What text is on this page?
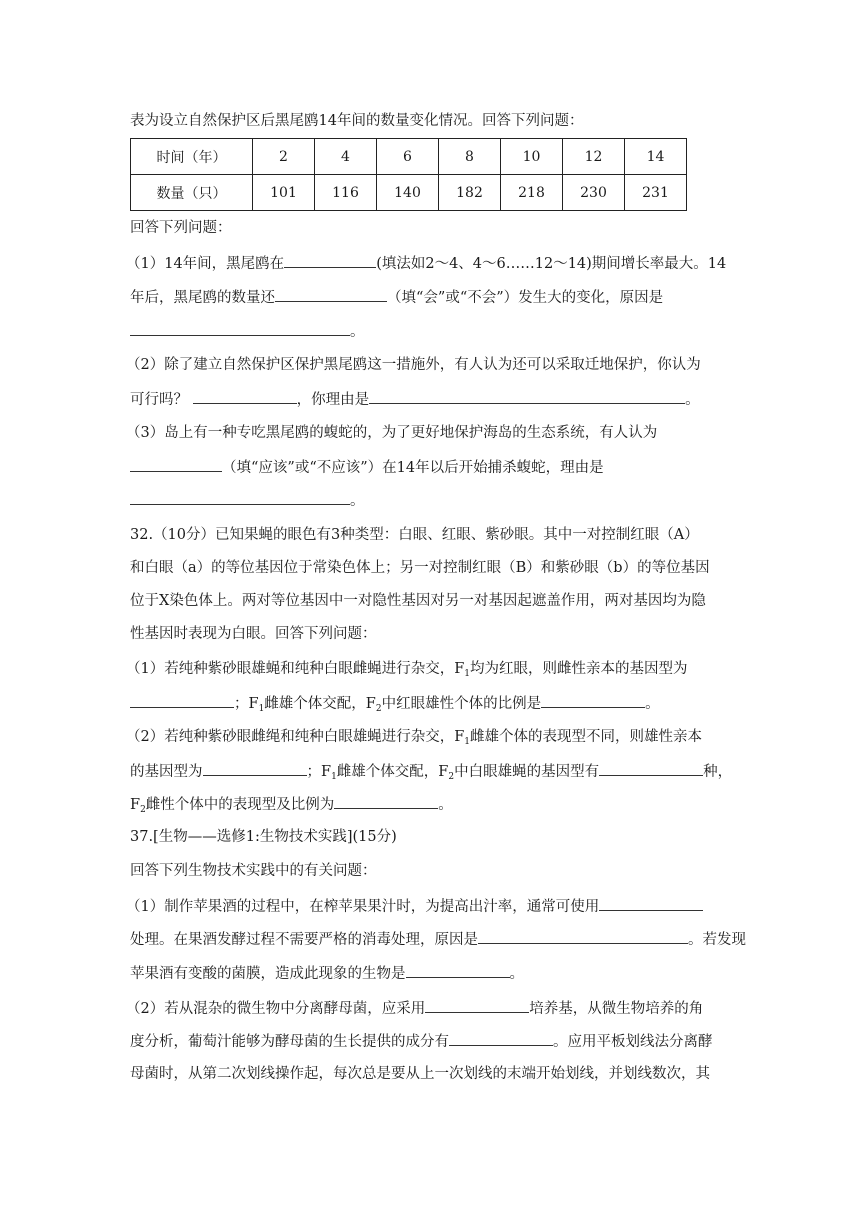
表为设立自然保护区后黑尾鸥14年间的数量变化情况。回答下列问题：
时间（年）	2	4	6	8	10	12	14
数量（只）	101	116	140	182	218	230	231
回答下列问题：
（1）14年间，黑尾鸥在	(填法如2～4、4～6……12～14)期间增长率最大。14
年后，黑尾鸥的数量还	（填“会”或“不会”）发生大的变化，原因是
。
（2）除了建立自然保护区保护黑尾鸥这一措施外，有人认为还可以采取迁地保护，你认为
可行吗？	，你理由是	。
（3）岛上有一种专吃黑尾鸥的蝮蛇的，为了更好地保护海岛的生态系统，有人认为
（填“应该”或“不应该”）在14年以后开始捕杀蝮蛇，理由是
。
32.（10分）已知果蝇的眼色有3种类型：白眼、红眼、紫砂眼。其中一对控制红眼（A）
和白眼（a）的等位基因位于常染色体上；另一对控制红眼（B）和紫砂眼（b）的等位基因
位于X染色体上。两对等位基因中一对隐性基因对另一对基因起遮盖作用，两对基因均为隐
性基因时表现为白眼。回答下列问题：
（1）若纯种紫砂眼雄蝇和纯种白眼雌蝇进行杂交，$F_1$均为红眼，则雌性亲本的基因型为
；$F_1$雌雄个体交配，$F_2$中红眼雄性个体的比例是	。
（2）若纯种紫砂眼雌绳和纯种白眼雄蝇进行杂交，$F_1$雌雄个体的表现型不同，则雄性亲本
的基因型为	；$F_1$雌雄个体交配，$F_2$中白眼雄蝇的基因型有	种，
$F_2$雌性个体中的表现型及比例为	。
37.[生物——选修1:生物技术实践](15分)
回答下列生物技术实践中的有关问题：
（1）制作苹果酒的过程中，在榨苹果果汁时，为提高出汁率，通常可使用
处理。在果酒发酵过程不需要严格的消毒处理，原因是	。若发现
苹果酒有变酸的菌膜，造成此现象的生物是	。
（2）若从混杂的微生物中分离酵母菌，应采用	培养基，从微生物培养的角
度分析，葡萄汁能够为酵母菌的生长提供的成分有	。应用平板划线法分离酵
母菌时，从第二次划线操作起，每次总是要从上一次划线的末端开始划线，并划线数次，其
